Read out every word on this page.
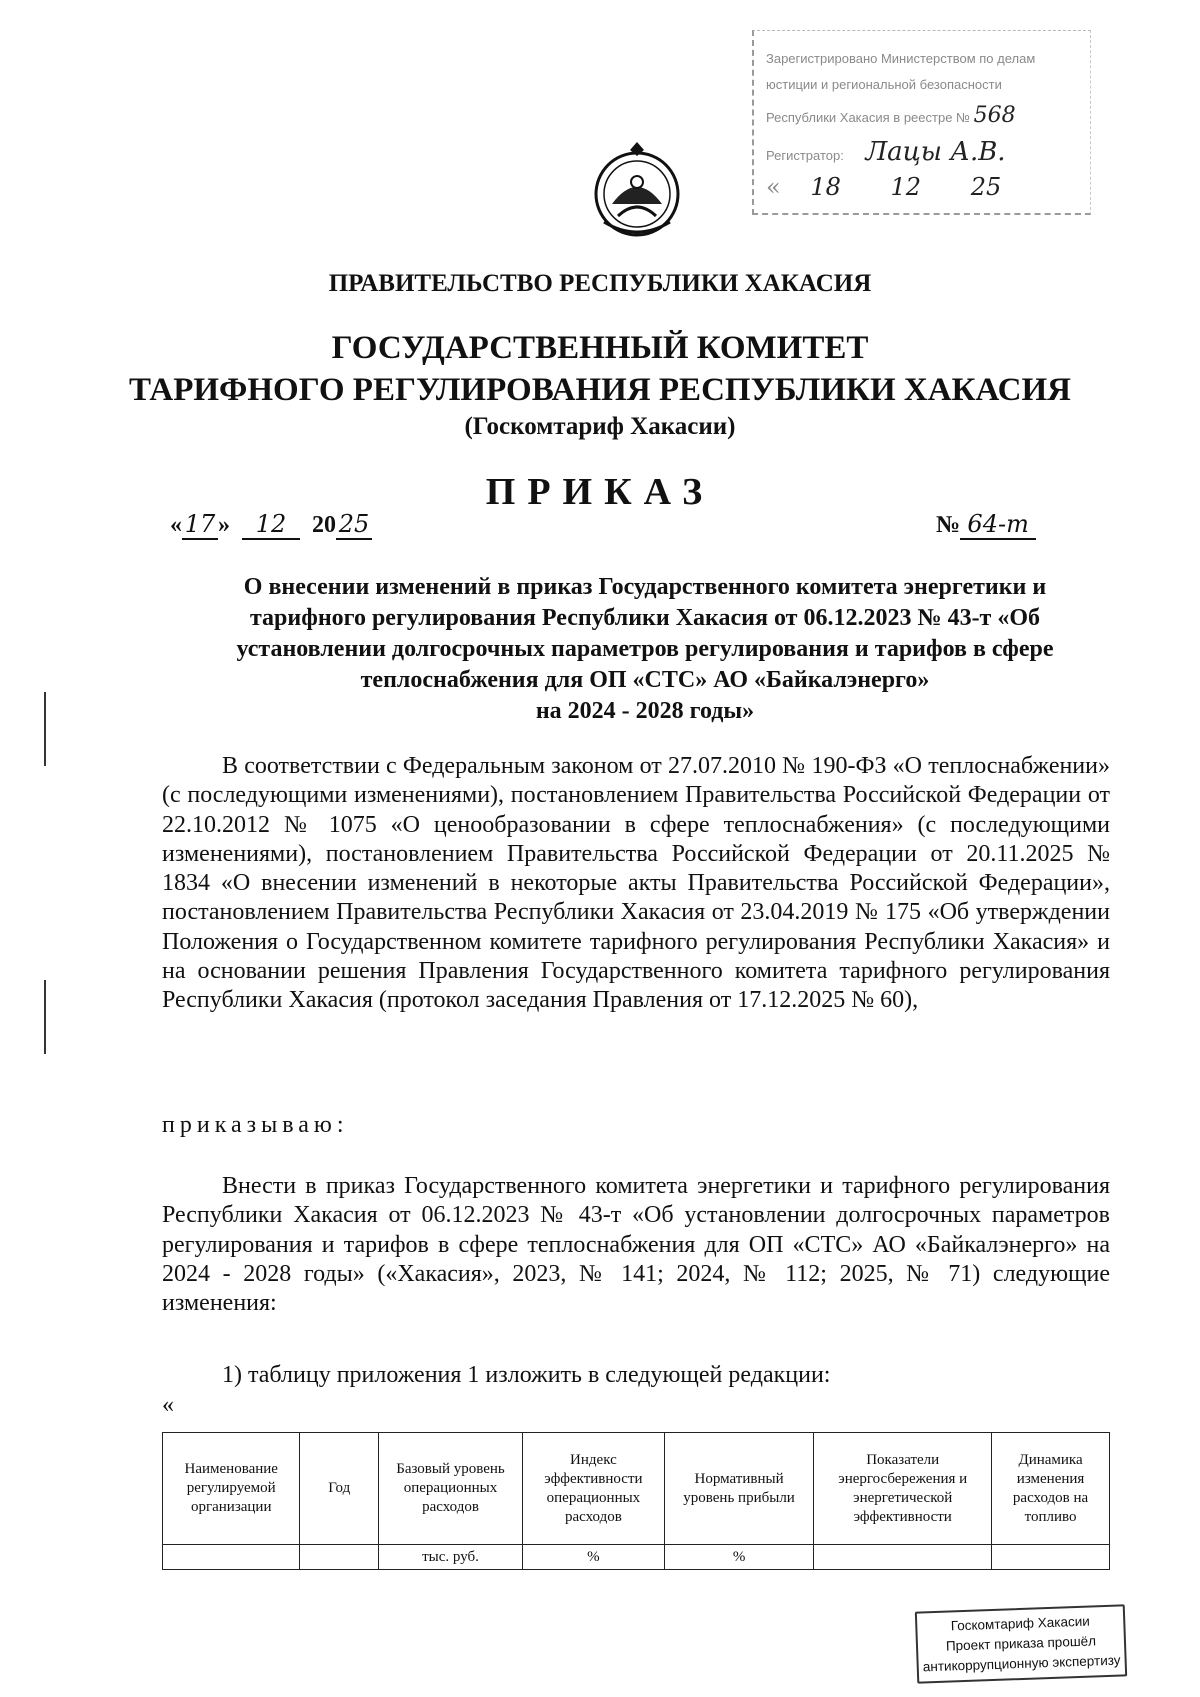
Зарегистрировано Министерством по делам
юстиции и региональной безопасности
Республики Хакасия в реестре № 568
Регистратор: Лацы А.В.
« 18 12 25
ПРАВИТЕЛЬСТВО РЕСПУБЛИКИ ХАКАСИЯ
ГОСУДАРСТВЕННЫЙ КОМИТЕТ
ТАРИФНОГО РЕГУЛИРОВАНИЯ РЕСПУБЛИКИ ХАКАСИЯ
(Госкомтариф Хакасии)
ПРИКАЗ
« 17 » 12 20 25	№ 64-т
О внесении изменений в приказ Государственного комитета энергетики и
тарифного регулирования Республики Хакасия от 06.12.2023 № 43-т «Об
установлении долгосрочных параметров регулирования и тарифов в сфере
теплоснабжения для ОП «СТС» АО «Байкалэнерго»
на 2024 - 2028 годы»
В соответствии с Федеральным законом от 27.07.2010 № 190-ФЗ «О теплоснабжении» (с последующими изменениями), постановлением Правительства Российской Федерации от 22.10.2012 № 1075 «О ценообразовании в сфере теплоснабжения» (с последующими изменениями), постановлением Правительства Российской Федерации от 20.11.2025 № 1834 «О внесении изменений в некоторые акты Правительства Российской Федерации», постановлением Правительства Республики Хакасия от 23.04.2019 № 175 «Об утверждении Положения о Государственном комитете тарифного регулирования Республики Хакасия» и на основании решения Правления Государственного комитета тарифного регулирования Республики Хакасия (протокол заседания Правления от 17.12.2025 № 60),
приказываю:
Внести в приказ Государственного комитета энергетики и тарифного регулирования Республики Хакасия от 06.12.2023 № 43-т «Об установлении долгосрочных параметров регулирования и тарифов в сфере теплоснабжения для ОП «СТС» АО «Байкалэнерго» на 2024 - 2028 годы» («Хакасия», 2023, № 141; 2024, № 112; 2025, № 71) следующие изменения:
1) таблицу приложения 1 изложить в следующей редакции:
«
Наименование регулируемой организации	Год	Базовый уровень операционных расходов	Индекс эффективности операционных расходов	Нормативный уровень прибыли	Показатели энергосбережения и энергетической эффективности	Динамика изменения расходов на топливо
		тыс. руб.	%	%		
Госкомтариф Хакасии
Проект приказа прошёл
антикоррупционную экспертизу
